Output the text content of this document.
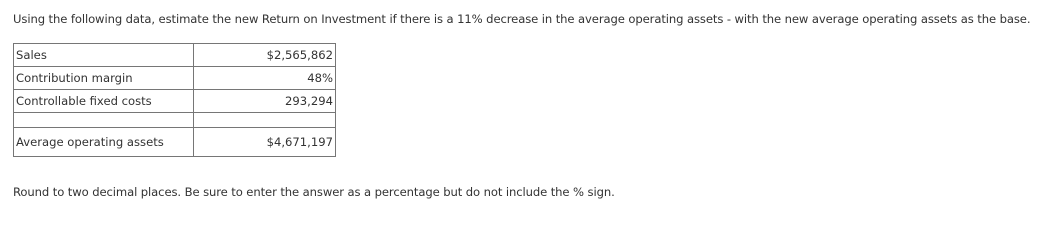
Using the following data, estimate the new Return on Investment if there is a 11% decrease in the average operating assets - with the new average operating assets as the base.
Sales	$2,565,862
Contribution margin	48%
Controllable fixed costs	293,294

Average operating assets	$4,671,197
Round to two decimal places. Be sure to enter the answer as a percentage but do not include the % sign.
